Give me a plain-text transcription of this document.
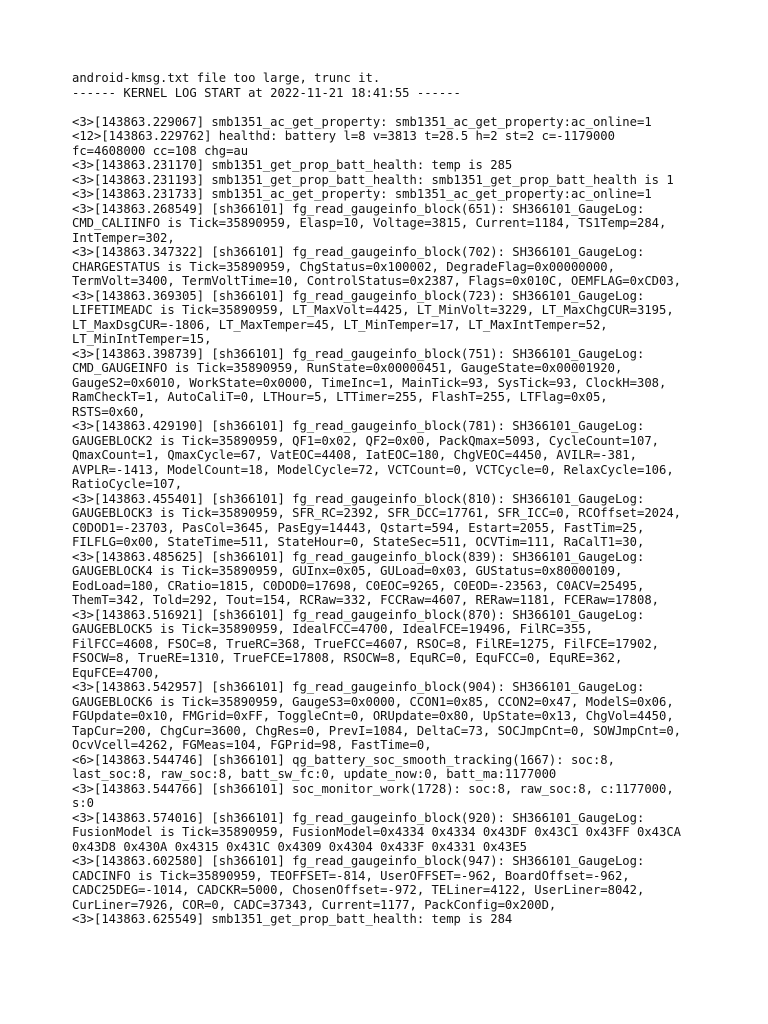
android-kmsg.txt file too large, trunc it.
------ KERNEL LOG START at 2022-11-21 18:41:55 ------

<3>[143863.229067] smb1351_ac_get_property: smb1351_ac_get_property:ac_online=1
<12>[143863.229762] healthd: battery l=8 v=3813 t=28.5 h=2 st=2 c=-1179000
fc=4608000 cc=108 chg=au
<3>[143863.231170] smb1351_get_prop_batt_health: temp is 285
<3>[143863.231193] smb1351_get_prop_batt_health: smb1351_get_prop_batt_health is 1
<3>[143863.231733] smb1351_ac_get_property: smb1351_ac_get_property:ac_online=1
<3>[143863.268549] [sh366101] fg_read_gaugeinfo_block(651): SH366101_GaugeLog:
CMD_CALIINFO is Tick=35890959, Elasp=10, Voltage=3815, Current=1184, TS1Temp=284,
IntTemper=302,
<3>[143863.347322] [sh366101] fg_read_gaugeinfo_block(702): SH366101_GaugeLog:
CHARGESTATUS is Tick=35890959, ChgStatus=0x100002, DegradeFlag=0x00000000,
TermVolt=3400, TermVoltTime=10, ControlStatus=0x2387, Flags=0x010C, OEMFLAG=0xCD03,
<3>[143863.369305] [sh366101] fg_read_gaugeinfo_block(723): SH366101_GaugeLog:
LIFETIMEADC is Tick=35890959, LT_MaxVolt=4425, LT_MinVolt=3229, LT_MaxChgCUR=3195,
LT_MaxDsgCUR=-1806, LT_MaxTemper=45, LT_MinTemper=17, LT_MaxIntTemper=52,
LT_MinIntTemper=15,
<3>[143863.398739] [sh366101] fg_read_gaugeinfo_block(751): SH366101_GaugeLog:
CMD_GAUGEINFO is Tick=35890959, RunState=0x00000451, GaugeState=0x00001920,
GaugeS2=0x6010, WorkState=0x0000, TimeInc=1, MainTick=93, SysTick=93, ClockH=308,
RamCheckT=1, AutoCaliT=0, LTHour=5, LTTimer=255, FlashT=255, LTFlag=0x05,
RSTS=0x60,
<3>[143863.429190] [sh366101] fg_read_gaugeinfo_block(781): SH366101_GaugeLog:
GAUGEBLOCK2 is Tick=35890959, QF1=0x02, QF2=0x00, PackQmax=5093, CycleCount=107,
QmaxCount=1, QmaxCycle=67, VatEOC=4408, IatEOC=180, ChgVEOC=4450, AVILR=-381,
AVPLR=-1413, ModelCount=18, ModelCycle=72, VCTCount=0, VCTCycle=0, RelaxCycle=106,
RatioCycle=107,
<3>[143863.455401] [sh366101] fg_read_gaugeinfo_block(810): SH366101_GaugeLog:
GAUGEBLOCK3 is Tick=35890959, SFR_RC=2392, SFR_DCC=17761, SFR_ICC=0, RCOffset=2024,
C0DOD1=-23703, PasCol=3645, PasEgy=14443, Qstart=594, Estart=2055, FastTim=25,
FILFLG=0x00, StateTime=511, StateHour=0, StateSec=511, OCVTim=111, RaCalT1=30,
<3>[143863.485625] [sh366101] fg_read_gaugeinfo_block(839): SH366101_GaugeLog:
GAUGEBLOCK4 is Tick=35890959, GUInx=0x05, GULoad=0x03, GUStatus=0x80000109,
EodLoad=180, CRatio=1815, C0DOD0=17698, C0EOC=9265, C0EOD=-23563, C0ACV=25495,
ThemT=342, Told=292, Tout=154, RCRaw=332, FCCRaw=4607, RERaw=1181, FCERaw=17808,
<3>[143863.516921] [sh366101] fg_read_gaugeinfo_block(870): SH366101_GaugeLog:
GAUGEBLOCK5 is Tick=35890959, IdealFCC=4700, IdealFCE=19496, FilRC=355,
FilFCC=4608, FSOC=8, TrueRC=368, TrueFCC=4607, RSOC=8, FilRE=1275, FilFCE=17902,
FSOCW=8, TrueRE=1310, TrueFCE=17808, RSOCW=8, EquRC=0, EquFCC=0, EquRE=362,
EquFCE=4700,
<3>[143863.542957] [sh366101] fg_read_gaugeinfo_block(904): SH366101_GaugeLog:
GAUGEBLOCK6 is Tick=35890959, GaugeS3=0x0000, CCON1=0x85, CCON2=0x47, ModelS=0x06,
FGUpdate=0x10, FMGrid=0xFF, ToggleCnt=0, ORUpdate=0x80, UpState=0x13, ChgVol=4450,
TapCur=200, ChgCur=3600, ChgRes=0, PrevI=1084, DeltaC=73, SOCJmpCnt=0, SOWJmpCnt=0,
OcvVcell=4262, FGMeas=104, FGPrid=98, FastTime=0,
<6>[143863.544746] [sh366101] qg_battery_soc_smooth_tracking(1667): soc:8,
last_soc:8, raw_soc:8, batt_sw_fc:0, update_now:0, batt_ma:1177000
<3>[143863.544766] [sh366101] soc_monitor_work(1728): soc:8, raw_soc:8, c:1177000,
s:0
<3>[143863.574016] [sh366101] fg_read_gaugeinfo_block(920): SH366101_GaugeLog:
FusionModel is Tick=35890959, FusionModel=0x4334 0x4334 0x43DF 0x43C1 0x43FF 0x43CA
0x43D8 0x430A 0x4315 0x431C 0x4309 0x4304 0x433F 0x4331 0x43E5
<3>[143863.602580] [sh366101] fg_read_gaugeinfo_block(947): SH366101_GaugeLog:
CADCINFO is Tick=35890959, TEOFFSET=-814, UserOFFSET=-962, BoardOffset=-962,
CADC25DEG=-1014, CADCKR=5000, ChosenOffset=-972, TELiner=4122, UserLiner=8042,
CurLiner=7926, COR=0, CADC=37343, Current=1177, PackConfig=0x200D,
<3>[143863.625549] smb1351_get_prop_batt_health: temp is 284
